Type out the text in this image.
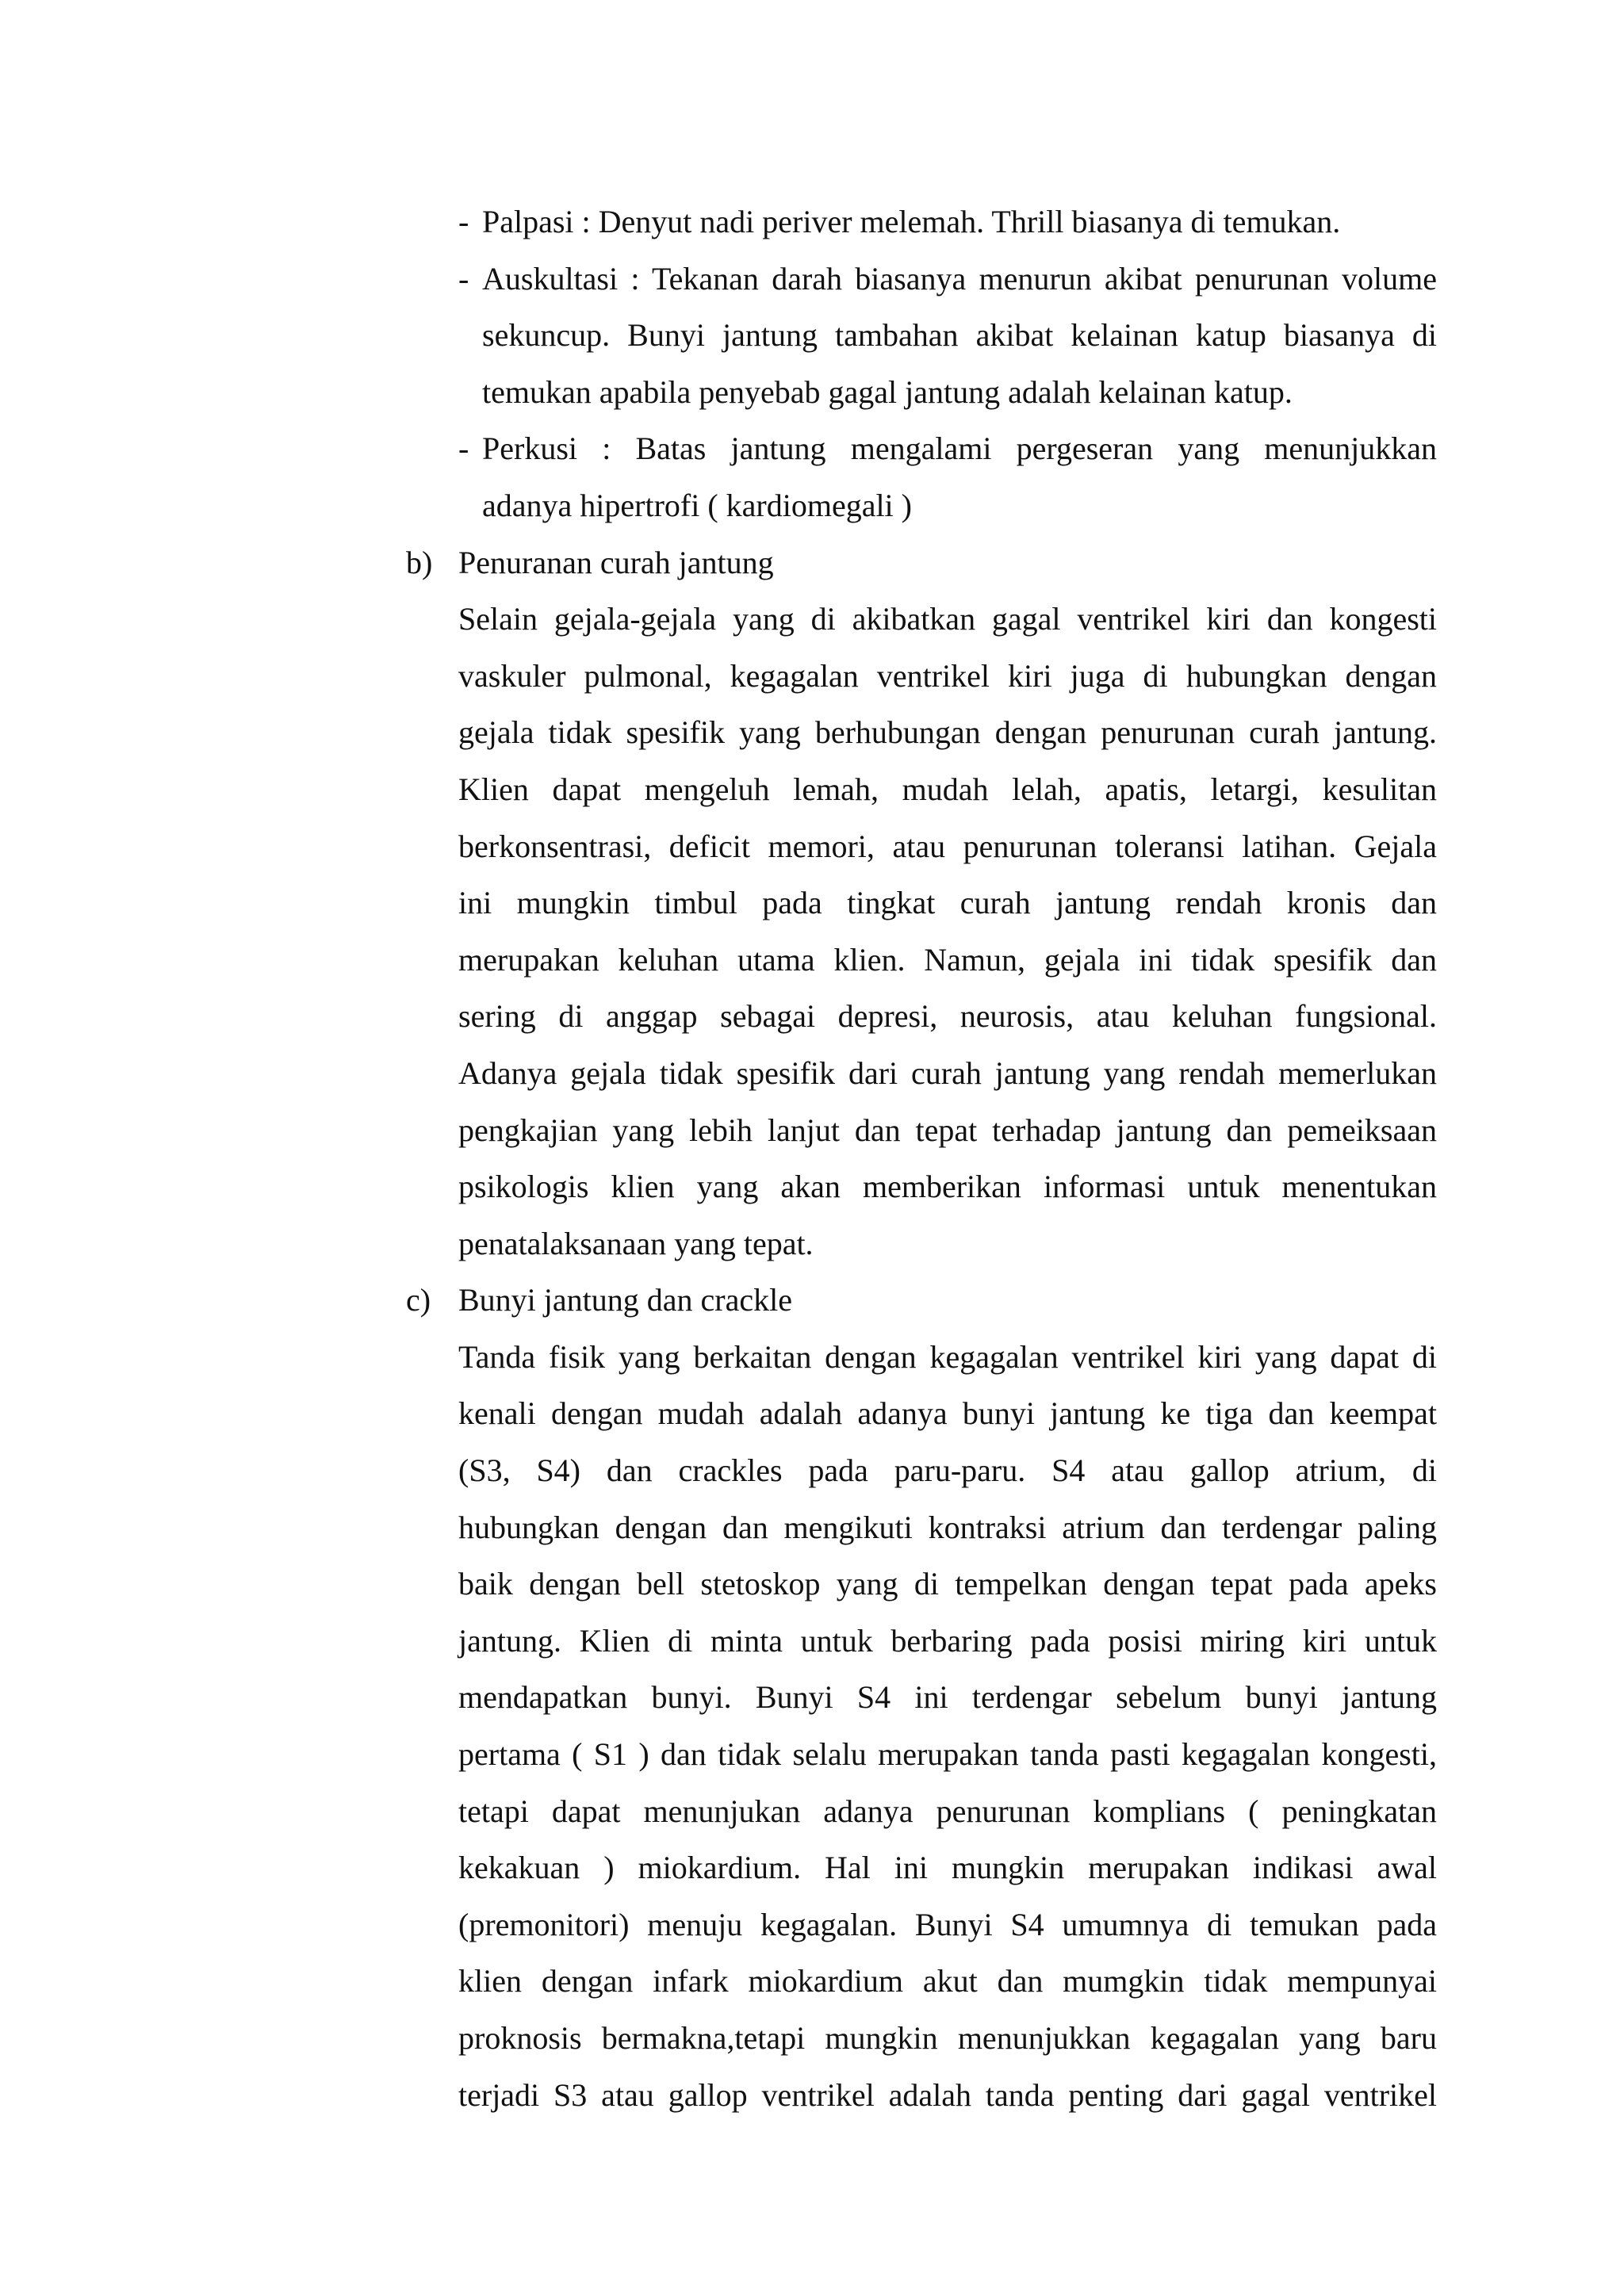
- Palpasi : Denyut nadi periver melemah. Thrill biasanya di temukan.
- Auskultasi : Tekanan darah biasanya menurun akibat penurunan volume
sekuncup. Bunyi jantung tambahan akibat kelainan katup biasanya di
temukan apabila penyebab gagal jantung adalah kelainan katup.
- Perkusi : Batas jantung mengalami pergeseran yang menunjukkan
adanya hipertrofi ( kardiomegali )
b) Penuranan curah jantung
Selain gejala-gejala yang di akibatkan gagal ventrikel kiri dan kongesti
vaskuler pulmonal, kegagalan ventrikel kiri juga di hubungkan dengan
gejala tidak spesifik yang berhubungan dengan penurunan curah jantung.
Klien dapat mengeluh lemah, mudah lelah, apatis, letargi, kesulitan
berkonsentrasi, deficit memori, atau penurunan toleransi latihan. Gejala
ini mungkin timbul pada tingkat curah jantung rendah kronis dan
merupakan keluhan utama klien. Namun, gejala ini tidak spesifik dan
sering di anggap sebagai depresi, neurosis, atau keluhan fungsional.
Adanya gejala tidak spesifik dari curah jantung yang rendah memerlukan
pengkajian yang lebih lanjut dan tepat terhadap jantung dan pemeiksaan
psikologis klien yang akan memberikan informasi untuk menentukan
penatalaksanaan yang tepat.
c) Bunyi jantung dan crackle
Tanda fisik yang berkaitan dengan kegagalan ventrikel kiri yang dapat di
kenali dengan mudah adalah adanya bunyi jantung ke tiga dan keempat
(S3, S4) dan crackles pada paru-paru. S4 atau gallop atrium, di
hubungkan dengan dan mengikuti kontraksi atrium dan terdengar paling
baik dengan bell stetoskop yang di tempelkan dengan tepat pada apeks
jantung. Klien di minta untuk berbaring pada posisi miring kiri untuk
mendapatkan bunyi. Bunyi S4 ini terdengar sebelum bunyi jantung
pertama ( S1 ) dan tidak selalu merupakan tanda pasti kegagalan kongesti,
tetapi dapat menunjukan adanya penurunan komplians ( peningkatan
kekakuan ) miokardium. Hal ini mungkin merupakan indikasi awal
(premonitori) menuju kegagalan. Bunyi S4 umumnya di temukan pada
klien dengan infark miokardium akut dan mumgkin tidak mempunyai
proknosis bermakna,tetapi mungkin menunjukkan kegagalan yang baru
terjadi S3 atau gallop ventrikel adalah tanda penting dari gagal ventrikel
